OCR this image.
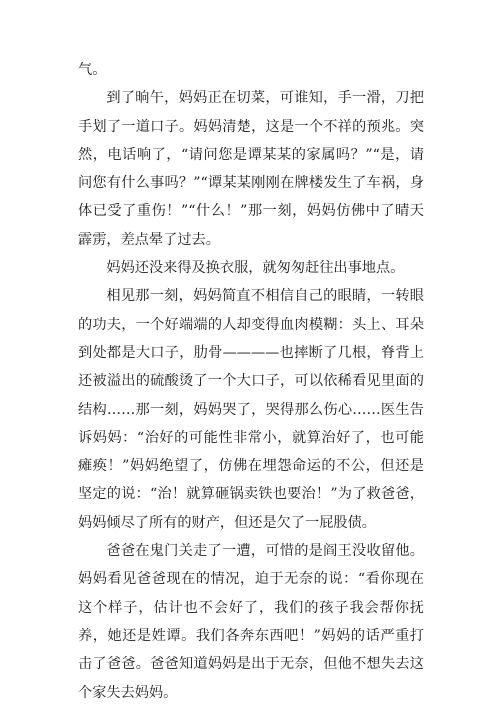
气。

到了晌午，妈妈正在切菜，可谁知，手一滑，刀把手划了一道口子。妈妈清楚，这是一个不祥的预兆。突然，电话响了，“请问您是谭某某的家属吗？”“是，请问您有什么事吗？”“谭某某刚刚在牌楼发生了车祸，身体已受了重伤！”“什么！”那一刻，妈妈仿佛中了晴天霹雳，差点晕了过去。

妈妈还没来得及换衣服，就匆匆赶往出事地点。

相见那一刻，妈妈简直不相信自己的眼睛，一转眼的功夫，一个好端端的人却变得血肉模糊：头上、耳朵到处都是大口子，肋骨————也摔断了几根，脊背上还被溢出的硫酸烫了一个大口子，可以依稀看见里面的结构……那一刻，妈妈哭了，哭得那么伤心……医生告诉妈妈：“治好的可能性非常小，就算治好了，也可能瘫痪！”妈妈绝望了，仿佛在埋怨命运的不公，但还是坚定的说：“治！就算砸锅卖铁也要治！”为了救爸爸，妈妈倾尽了所有的财产，但还是欠了一屁股债。

爸爸在鬼门关走了一遭，可惜的是阎王没收留他。妈妈看见爸爸现在的情况，迫于无奈的说：“看你现在这个样子，估计也不会好了，我们的孩子我会帮你抚养，她还是姓谭。我们各奔东西吧！”妈妈的话严重打击了爸爸。爸爸知道妈妈是出于无奈，但他不想失去这个家失去妈妈。
